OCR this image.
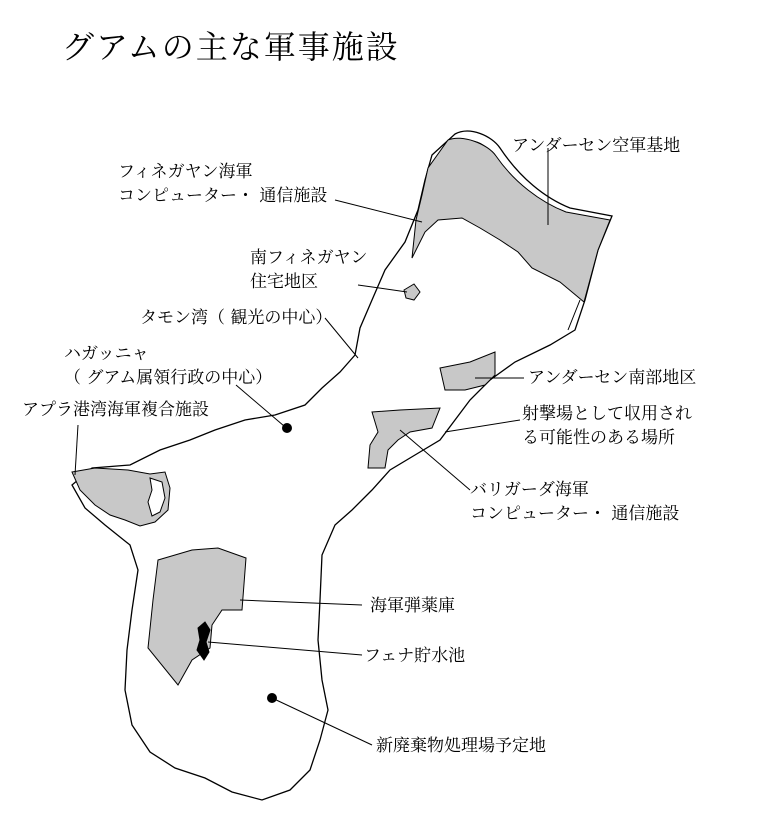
グアムの主な軍事施設
アンダーセン空軍基地
フィネガヤン海軍
コンピューター・ 通信施設
南フィネガヤン
住宅地区
タモン湾（ 観光の中心）
ハガッニャ
（ グアム属領行政の中心）
アプラ港湾海軍複合施設
アンダーセン南部地区
射撃場として収用され
る可能性のある場所
バリガーダ海軍
コンピューター・ 通信施設
海軍弾薬庫
フェナ貯水池
新廃棄物処理場予定地
